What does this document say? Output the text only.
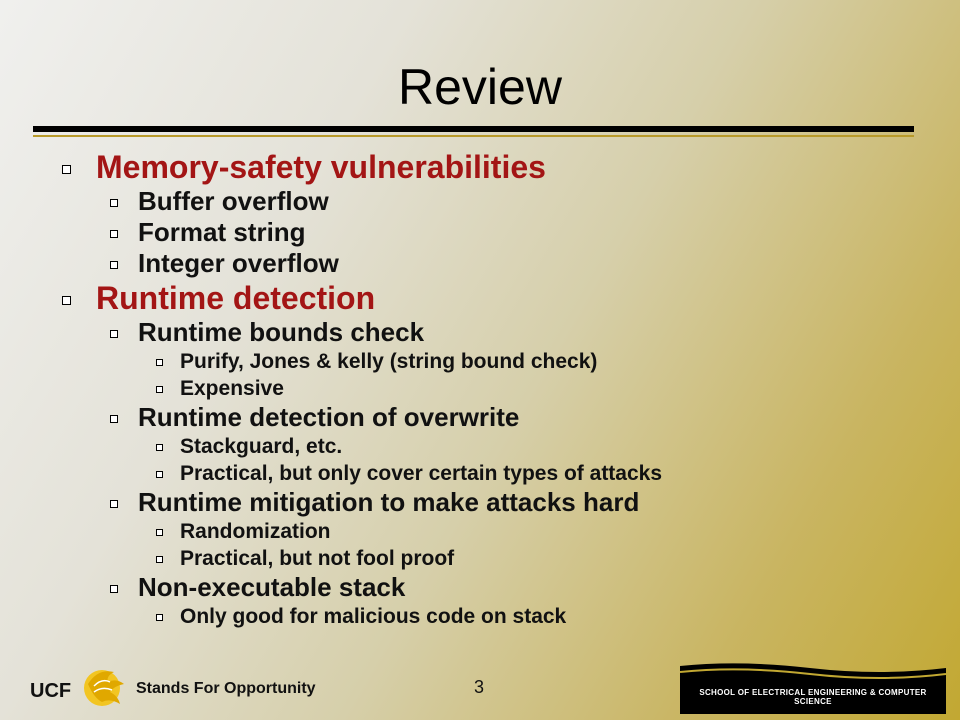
Review
Memory-safety vulnerabilities
Buffer overflow
Format string
Integer overflow
Runtime detection
Runtime bounds check
Purify, Jones & kelly (string bound check)
Expensive
Runtime detection of overwrite
Stackguard, etc.
Practical, but only cover certain types of attacks
Runtime mitigation to make attacks hard
Randomization
Practical, but not fool proof
Non-executable stack
Only good for malicious code on stack
UCF	Stands For Opportunity	3	SCHOOL OF ELECTRICAL ENGINEERING & COMPUTER SCIENCE
